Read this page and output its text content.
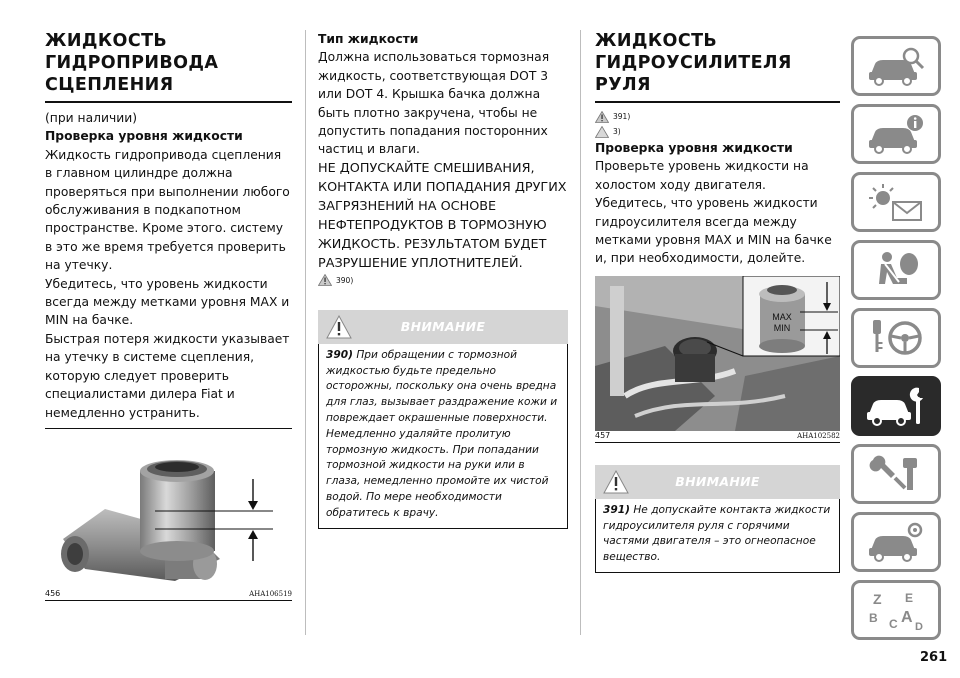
ЖИДКОСТЬ
ГИДРОПРИВОДА
СЦЕПЛЕНИЯ

(при наличии)

Проверка уровня жидкости

Жидкость гидропривода сцепления в главном цилиндре должна проверяться при выполнении любого обслуживания в подкапотном пространстве. Кроме этого. систему в это же время требуется проверить на утечку.

Убедитесь, что уровень жидкости всегда между метками уровня MAX и MIN на бачке.

Быстрая потеря жидкости указывает на утечку в системе сцепления, которую следует проверить специалистами дилера Fiat и немедленно устранить.

456	AHA106519

Тип жидкости

Должна использоваться тормозная жидкость, соответствующая DOT 3 или DOT 4. Крышка бачка должна быть плотно закручена, чтобы не допустить попадания посторонних частиц и влаги.

НЕ ДОПУСКАЙТЕ СМЕШИВАНИЯ, КОНТАКТА ИЛИ ПОПАДАНИЯ ДРУГИХ ЗАГРЯЗНЕНИЙ НА ОСНОВЕ НЕФТЕПРОДУКТОВ В ТОРМОЗНУЮ ЖИДКОСТЬ. РЕЗУЛЬТАТОМ БУДЕТ РАЗРУШЕНИЕ УПЛОТНИТЕЛЕЙ.

390)
ВНИМАНИЕ
390) При обращении с тормозной жидкостью будьте предельно осторожны, поскольку она очень вредна для глаз, вызывает раздражение кожи и повреждает окрашенные поверхности. Немедленно удаляйте пролитую тормозную жидкость. При попадании тормозной жидкости на руки или в глаза, немедленно промойте их чистой водой. По мере необходимости обратитесь к врачу.
ЖИДКОСТЬ
ГИДРОУСИЛИТЕЛЯ РУЛЯ
391)
3)

Проверка уровня жидкости

Проверьте уровень жидкости на холостом ходу двигателя. Убедитесь, что уровень жидкости гидроусилителя всегда между метками уровня MAX и MIN на бачке и, при необходимости, долейте.

MAX
MIN
457	AHA102582
ВНИМАНИЕ
391) Не допускайте контакта жидкости гидроусилителя руля с горячими частями двигателя – это огнеопасное вещество.
Z E
B C A
D
261
